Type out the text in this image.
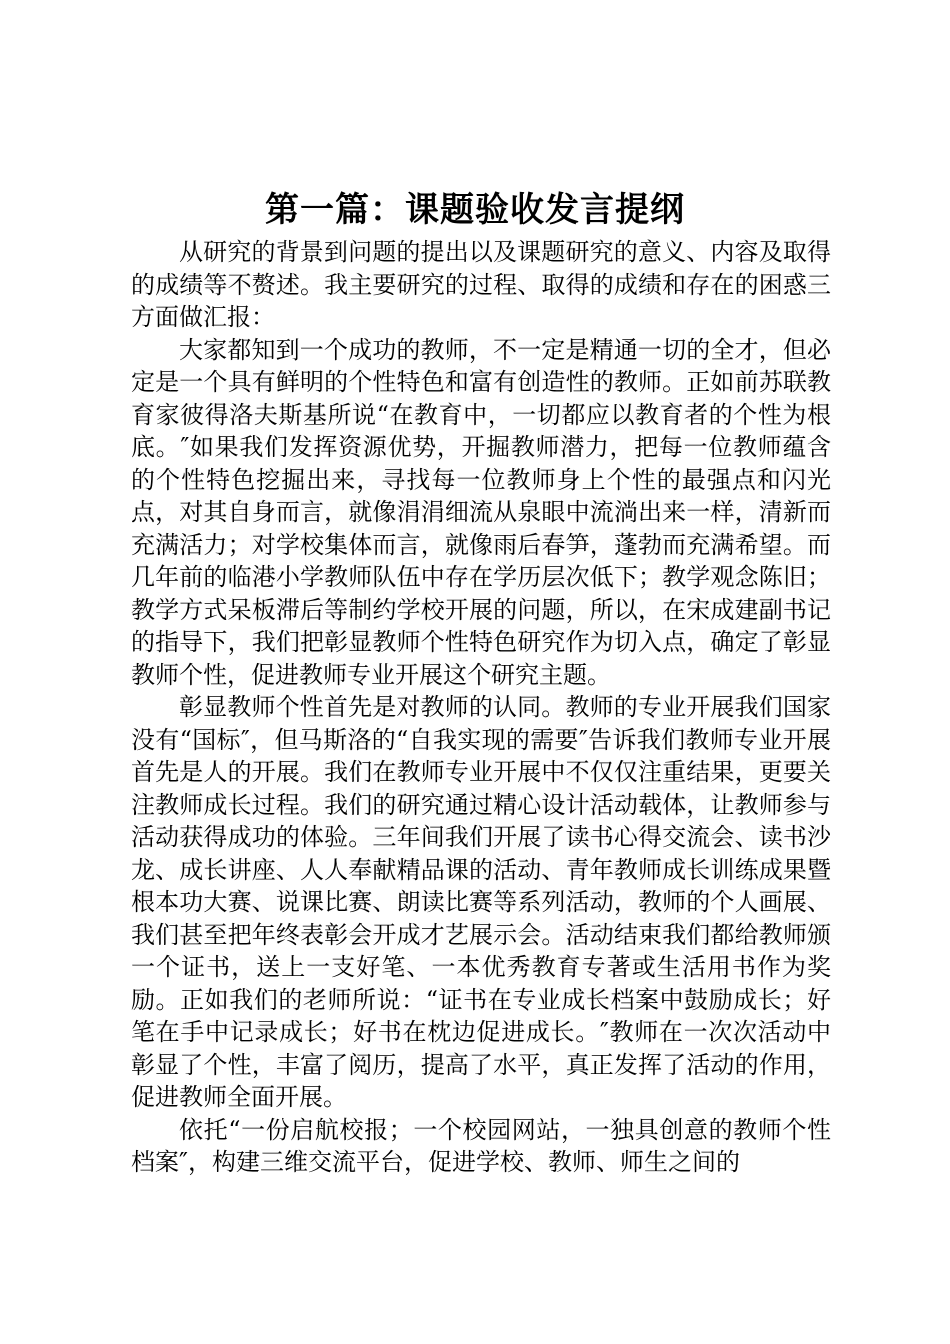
第一篇：课题验收发言提纲

从研究的背景到问题的提出以及课题研究的意义、内容及取得的成绩等不赘述。我主要研究的过程、取得的成绩和存在的困惑三方面做汇报：

大家都知到一个成功的教师，不一定是精通一切的全才，但必定是一个具有鲜明的个性特色和富有创造性的教师。正如前苏联教育家彼得洛夫斯基所说“在教育中，一切都应以教育者的个性为根底。″如果我们发挥资源优势，开掘教师潜力，把每一位教师蕴含的个性特色挖掘出来，寻找每一位教师身上个性的最强点和闪光点，对其自身而言，就像涓涓细流从泉眼中流淌出来一样，清新而充满活力；对学校集体而言，就像雨后春笋，蓬勃而充满希望。而几年前的临港小学教师队伍中存在学历层次低下；教学观念陈旧；教学方式呆板滞后等制约学校开展的问题，所以，在宋成建副书记的指导下，我们把彰显教师个性特色研究作为切入点，确定了彰显教师个性，促进教师专业开展这个研究主题。

彰显教师个性首先是对教师的认同。教师的专业开展我们国家没有“国标″，但马斯洛的“自我实现的需要″告诉我们教师专业开展首先是人的开展。我们在教师专业开展中不仅仅注重结果，更要关注教师成长过程。我们的研究通过精心设计活动载体，让教师参与活动获得成功的体验。三年间我们开展了读书心得交流会、读书沙龙、成长讲座、人人奉献精品课的活动、青年教师成长训练成果暨根本功大赛、说课比赛、朗读比赛等系列活动，教师的个人画展、我们甚至把年终表彰会开成才艺展示会。活动结束我们都给教师颁一个证书，送上一支好笔、一本优秀教育专著或生活用书作为奖励。正如我们的老师所说：“证书在专业成长档案中鼓励成长；好笔在手中记录成长；好书在枕边促进成长。″教师在一次次活动中彰显了个性，丰富了阅历，提高了水平，真正发挥了活动的作用，促进教师全面开展。

依托“一份启航校报；一个校园网站，一独具创意的教师个性档案″，构建三维交流平台，促进学校、教师、师生之间的
